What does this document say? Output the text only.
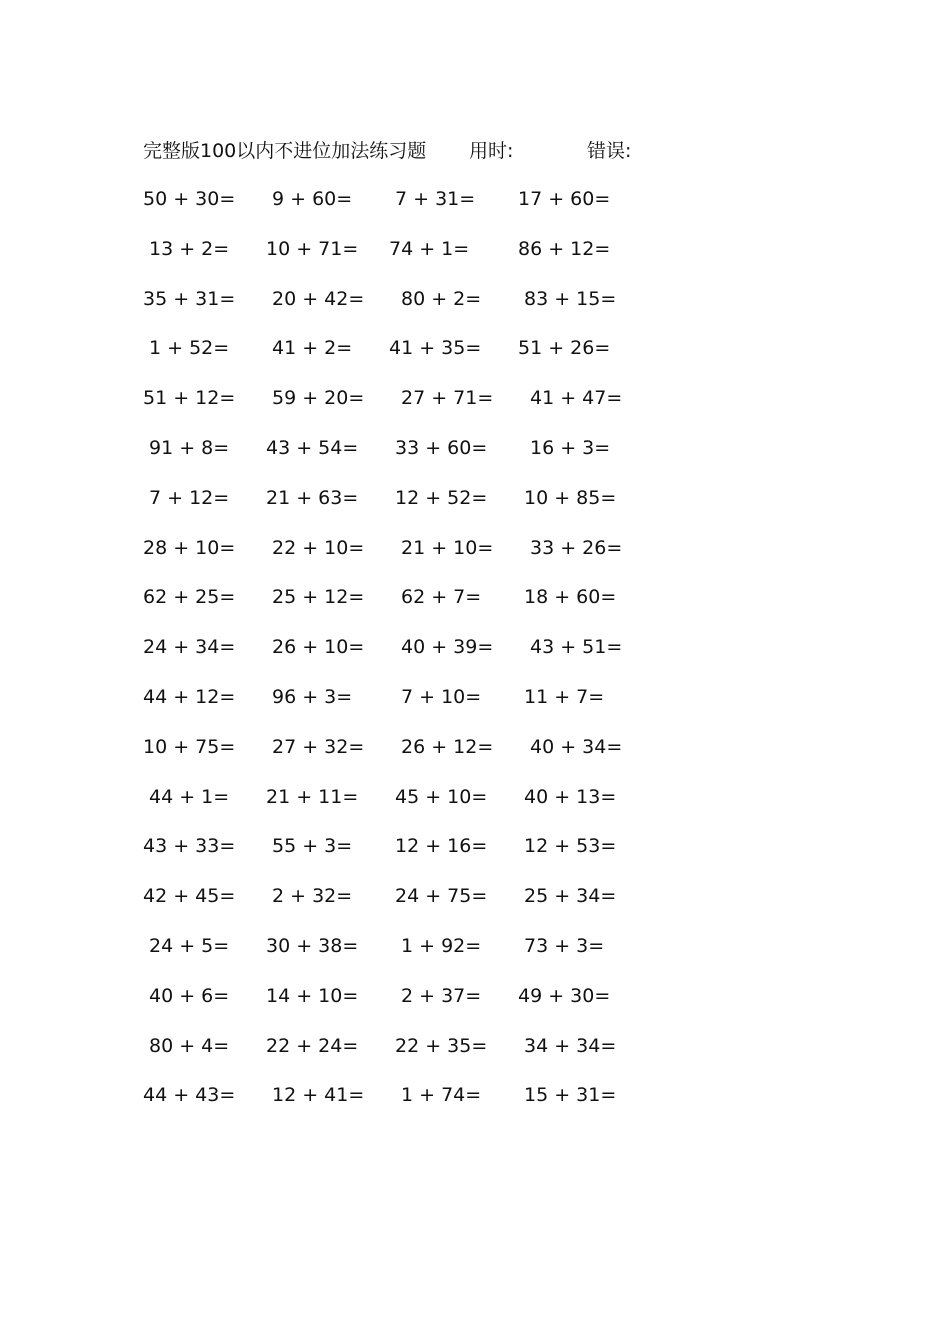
完整版100以内不进位加法练习题 用时:	错误:
50 + 30=	9 + 60=	7 + 31=	17 + 60=
13 + 2=	10 + 71=	74 + 1=	86 + 12=
35 + 31=	20 + 42=	80 + 2=	83 + 15=
1 + 52=	41 + 2=	41 + 35=	51 + 26=
51 + 12=	59 + 20=	27 + 71=	41 + 47=
91 + 8=	43 + 54=	33 + 60=	16 + 3=
7 + 12=	21 + 63=	12 + 52=	10 + 85=
28 + 10=	22 + 10=	21 + 10=	33 + 26=
62 + 25=	25 + 12=	62 + 7=	18 + 60=
24 + 34=	26 + 10=	40 + 39=	43 + 51=
44 + 12=	96 + 3=	7 + 10=	11 + 7=
10 + 75=	27 + 32=	26 + 12=	40 + 34=
44 + 1=	21 + 11=	45 + 10=	40 + 13=
43 + 33=	55 + 3=	12 + 16=	12 + 53=
42 + 45=	2 + 32=	24 + 75=	25 + 34=
24 + 5=	30 + 38=	1 + 92=	73 + 3=
40 + 6=	14 + 10=	2 + 37=	49 + 30=
80 + 4=	22 + 24=	22 + 35=	34 + 34=
44 + 43=	12 + 41=	1 + 74=	15 + 31=
